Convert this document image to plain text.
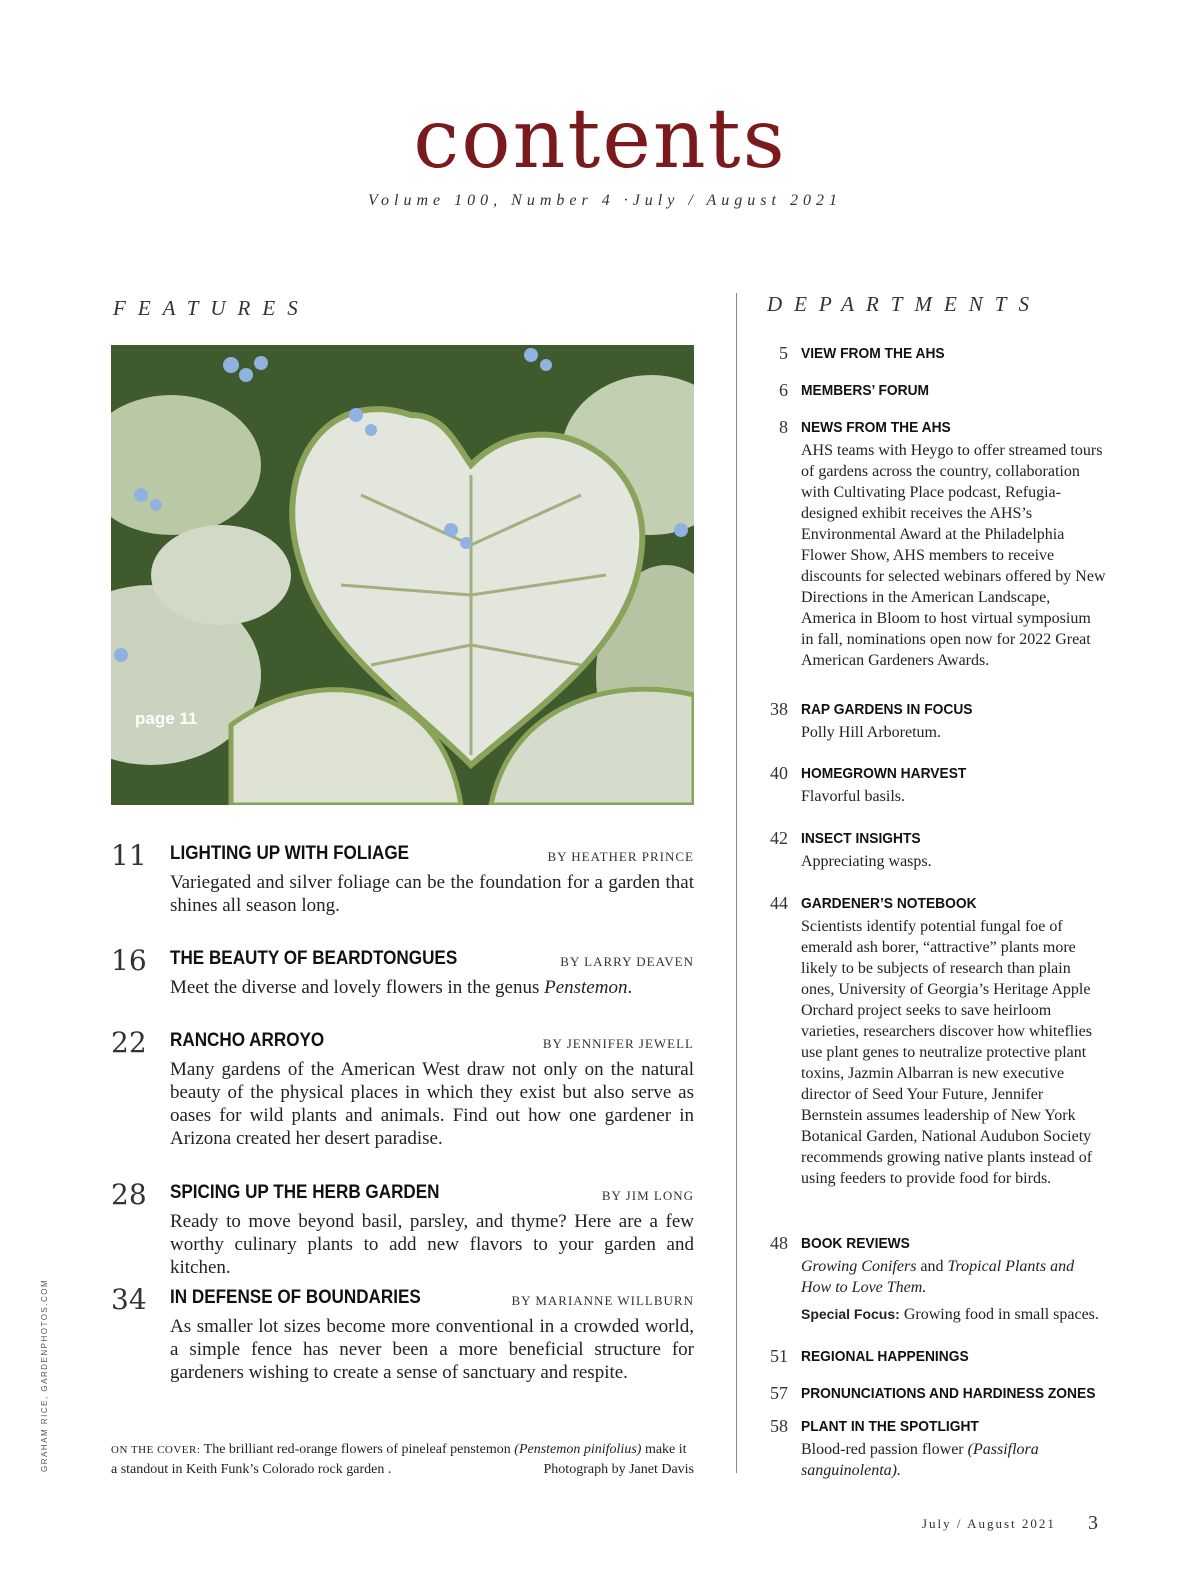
contents
Volume 100, Number 4 ·July / August 2021
FEATURES	DEPARTMENTS
page 11
11 LIGHTING UP WITH FOLIAGE	BY HEATHER PRINCE
Variegated and silver foliage can be the foundation for a garden that shines all season long.
16 THE BEAUTY OF BEARDTONGUES	BY LARRY DEAVEN
Meet the diverse and lovely flowers in the genus Penstemon.
22 RANCHO ARROYO	BY JENNIFER JEWELL
Many gardens of the American West draw not only on the natural beauty of the physical places in which they exist but also serve as oases for wild plants and animals. Find out how one gardener in Arizona created her desert paradise.
28 SPICING UP THE HERB GARDEN	BY JIM LONG
Ready to move beyond basil, parsley, and thyme? Here are a few worthy culinary plants to add new flavors to your garden and kitchen.
34 IN DEFENSE OF BOUNDARIES	BY MARIANNE WILLBURN
As smaller lot sizes become more conventional in a crowded world, a simple fence has never been a more beneficial structure for gardeners wishing to create a sense of sanctuary and respite.
ON THE COVER: The brilliant red-orange flowers of pineleaf penstemon (Penstemon pinifolius) make it a standout in Keith Funk’s Colorado rock garden .	Photograph by Janet Davis
GRAHAM RICE, GARDENPHOTOS.COM
5 VIEW FROM THE AHS
6 MEMBERS’ FORUM
8 NEWS FROM THE AHS
AHS teams with Heygo to offer streamed tours of gardens across the country, collaboration with Cultivating Place podcast, Refugia-designed exhibit receives the AHS’s Environmental Award at the Philadelphia Flower Show, AHS members to receive discounts for selected webinars offered by New Directions in the American Landscape, America in Bloom to host virtual symposium in fall, nominations open now for 2022 Great American Gardeners Awards.
38 RAP GARDENS IN FOCUS
Polly Hill Arboretum.
40 HOMEGROWN HARVEST
Flavorful basils.
42 INSECT INSIGHTS
Appreciating wasps.
44 GARDENER’S NOTEBOOK
Scientists identify potential fungal foe of emerald ash borer, “attractive” plants more likely to be subjects of research than plain ones, University of Georgia’s Heritage Apple Orchard project seeks to save heirloom varieties, researchers discover how whiteflies use plant genes to neutralize protective plant toxins, Jazmin Albarran is new executive director of Seed Your Future, Jennifer Bernstein assumes leadership of New York Botanical Garden, National Audubon Society recommends growing native plants instead of using feeders to provide food for birds.
48 BOOK REVIEWS
Growing Conifers and Tropical Plants and How to Love Them.
Special Focus: Growing food in small spaces.
51 REGIONAL HAPPENINGS
57 PRONUNCIATIONS AND HARDINESS ZONES
58 PLANT IN THE SPOTLIGHT
Blood-red passion flower (Passiflora sanguinolenta).
July / August 2021 3
